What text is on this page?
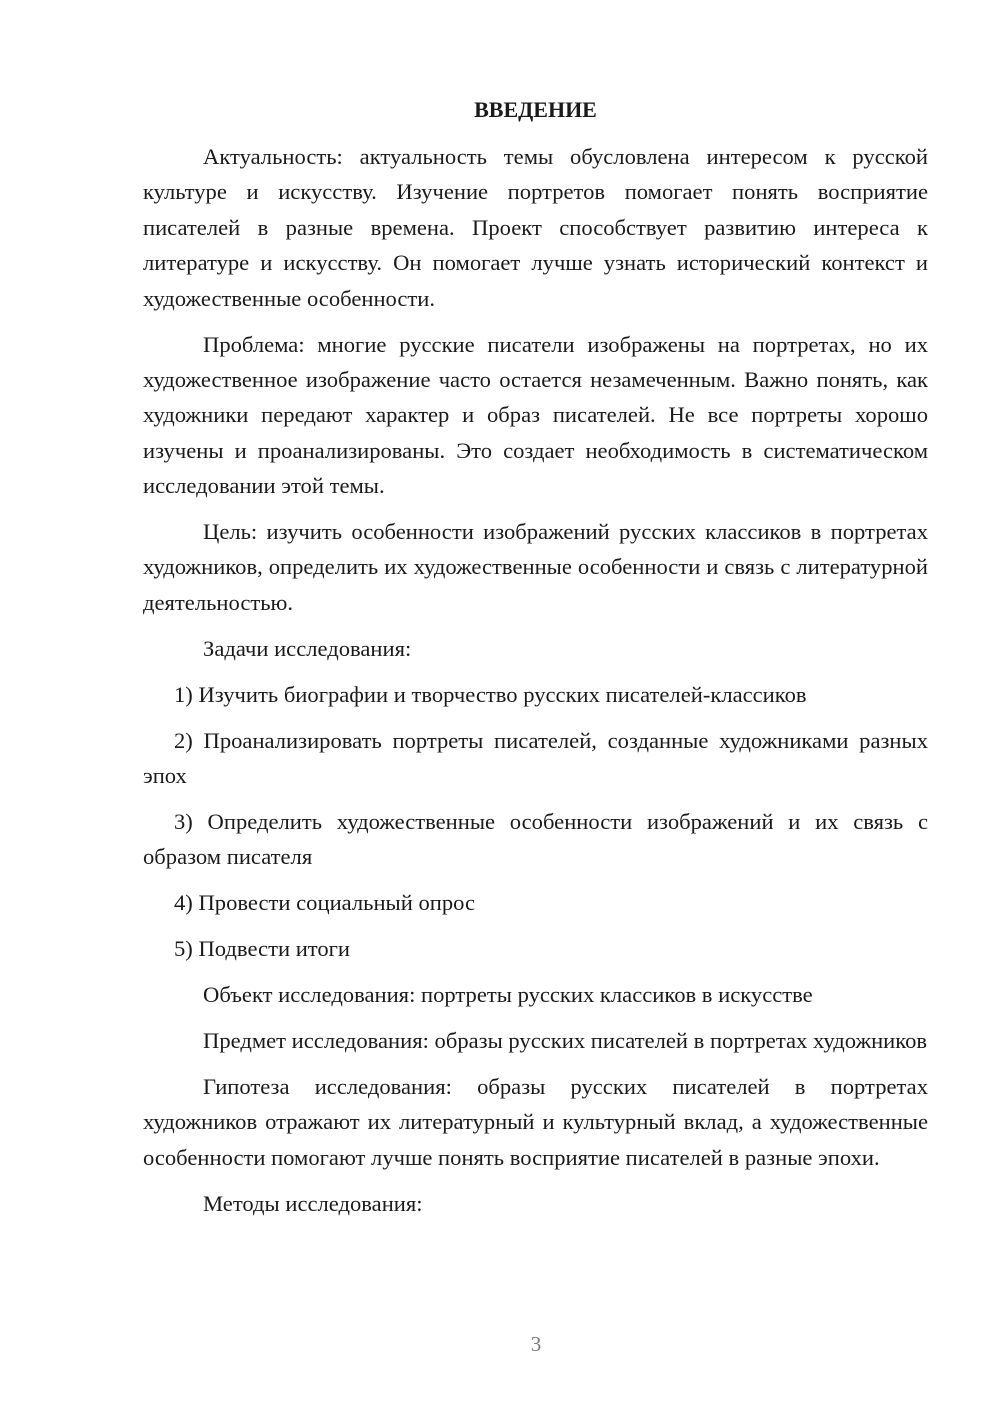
ВВЕДЕНИЕ

Актуальность: актуальность темы обусловлена интересом к русской культуре и искусству. Изучение портретов помогает понять восприятие писателей в разные времена. Проект способствует развитию интереса к литературе и искусству. Он помогает лучше узнать исторический контекст и художественные особенности.

Проблема: многие русские писатели изображены на портретах, но их художественное изображение часто остается незамеченным. Важно понять, как художники передают характер и образ писателей. Не все портреты хорошо изучены и проанализированы. Это создает необходимость в систематическом исследовании этой темы.

Цель: изучить особенности изображений русских классиков в портретах художников, определить их художественные особенности и связь с литературной деятельностью.

Задачи исследования:

1) Изучить биографии и творчество русских писателей-классиков

2) Проанализировать портреты писателей, созданные художниками разных эпох

3) Определить художественные особенности изображений и их связь с образом писателя

4) Провести социальный опрос

5) Подвести итоги

Объект исследования: портреты русских классиков в искусстве

Предмет исследования: образы русских писателей в портретах художников

Гипотеза исследования: образы русских писателей в портретах художников отражают их литературный и культурный вклад, а художественные особенности помогают лучше понять восприятие писателей в разные эпохи.

Методы исследования:

3
